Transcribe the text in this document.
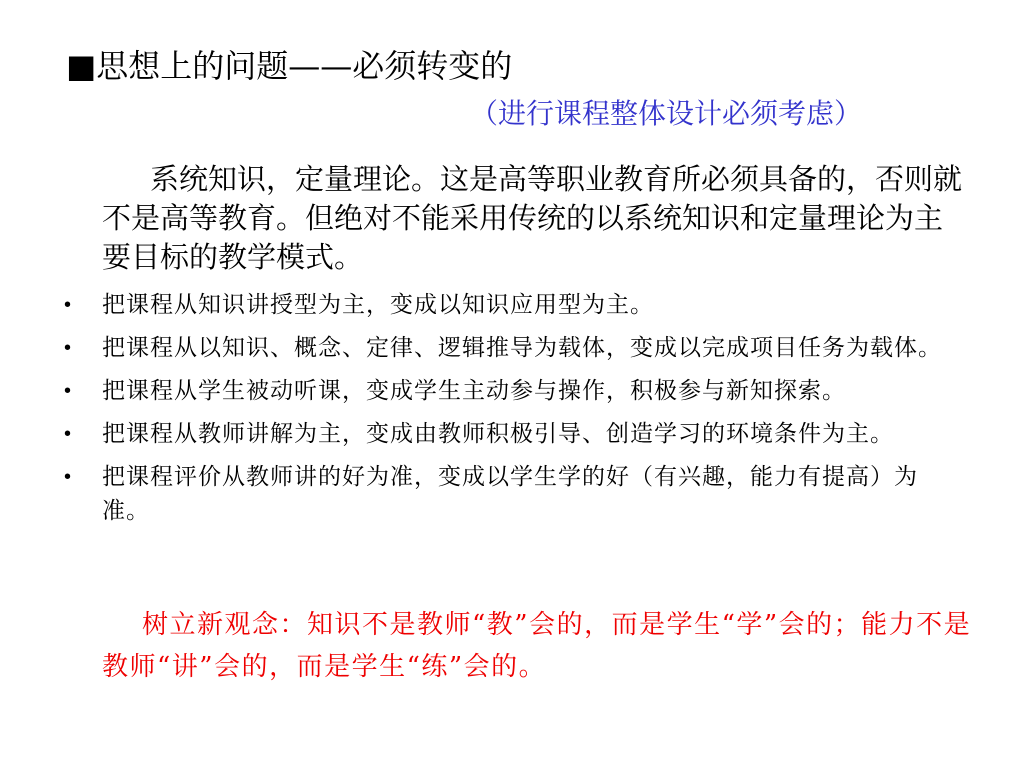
■思想上的问题——必须转变的
（进行课程整体设计必须考虑）
系统知识，定量理论。这是高等职业教育所必须具备的，否则就不是高等教育。但绝对不能采用传统的以系统知识和定量理论为主要目标的教学模式。
• 把课程从知识讲授型为主，变成以知识应用型为主。
• 把课程从以知识、概念、定律、逻辑推导为载体，变成以完成项目任务为载体。
• 把课程从学生被动听课，变成学生主动参与操作，积极参与新知探索。
• 把课程从教师讲解为主，变成由教师积极引导、创造学习的环境条件为主。
• 把课程评价从教师讲的好为准，变成以学生学的好（有兴趣，能力有提高）为准。
树立新观念：知识不是教师“教”会的，而是学生“学”会的；能力不是教师“讲”会的，而是学生“练”会的。
